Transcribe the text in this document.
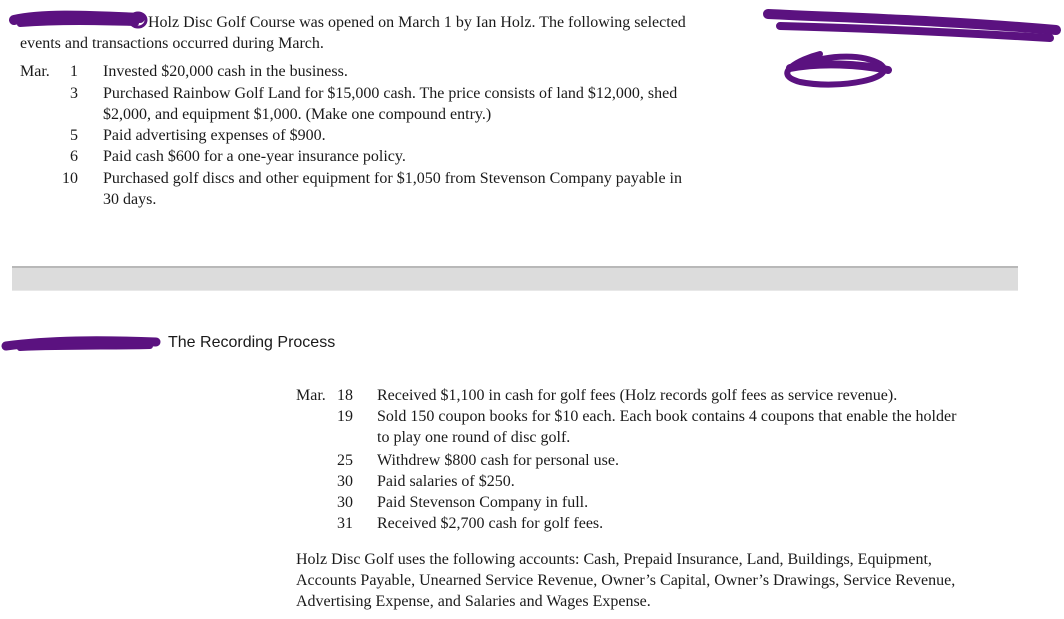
Holz Disc Golf Course was opened on March 1 by Ian Holz. The following selected
events and transactions occurred during March.
Mar.	1 Invested $20,000 cash in the business.
3 Purchased Rainbow Golf Land for $15,000 cash. The price consists of land $12,000, shed
$2,000, and equipment $1,000. (Make one compound entry.)
5 Paid advertising expenses of $900.
6 Paid cash $600 for a one-year insurance policy.
10 Purchased golf discs and other equipment for $1,050 from Stevenson Company payable in
30 days.
The Recording Process
Mar. 18 Received $1,100 in cash for golf fees (Holz records golf fees as service revenue).
19 Sold 150 coupon books for $10 each. Each book contains 4 coupons that enable the holder
to play one round of disc golf.
25 Withdrew $800 cash for personal use.
30 Paid salaries of $250.
30 Paid Stevenson Company in full.
31 Received $2,700 cash for golf fees.
Holz Disc Golf uses the following accounts: Cash, Prepaid Insurance, Land, Buildings, Equipment,
Accounts Payable, Unearned Service Revenue, Owner’s Capital, Owner’s Drawings, Service Revenue,
Advertising Expense, and Salaries and Wages Expense.
